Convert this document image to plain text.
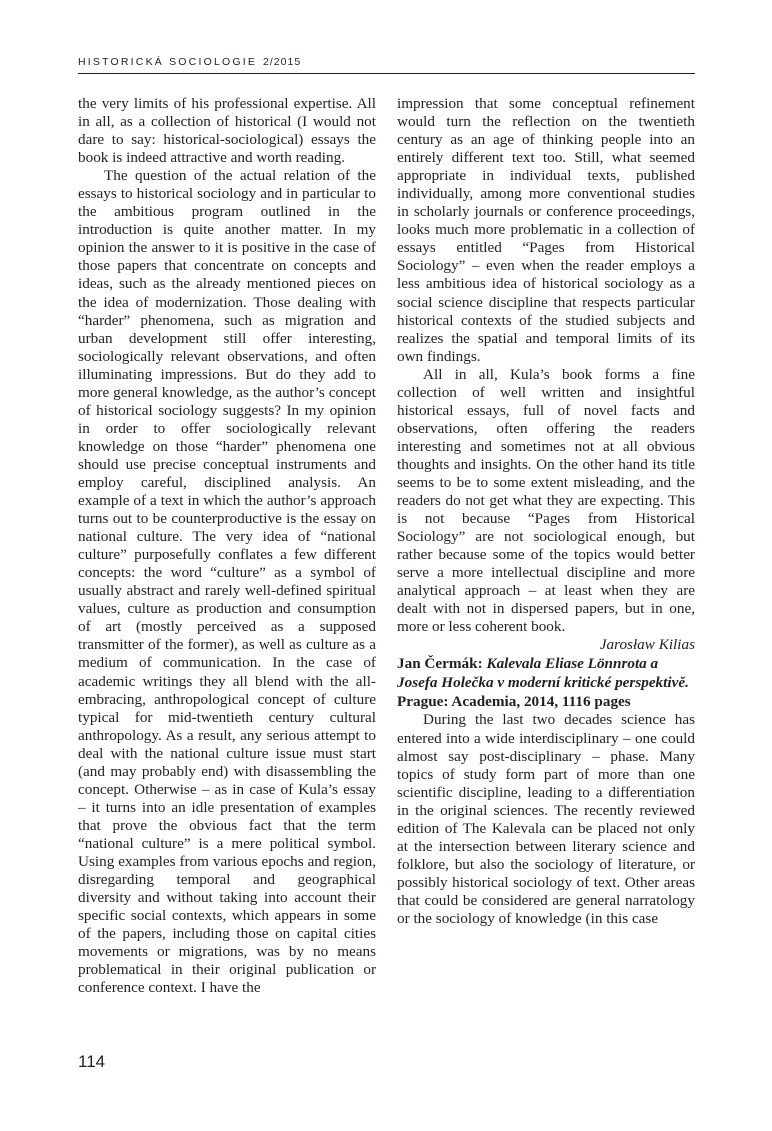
HISTORICKÁ SOCIOLOGIE 2/2015

the very limits of his professional expertise. All in all, as a collection of historical (I would not dare to say: historical-sociological) essays the book is indeed attractive and worth reading.

The question of the actual relation of the essays to historical sociology and in particular to the ambitious program outlined in the introduction is quite another matter. In my opinion the answer to it is positive in the case of those papers that concentrate on concepts and ideas, such as the already mentioned pieces on the idea of modernization. Those dealing with “harder” phenomena, such as migration and urban development still offer interesting, sociologically relevant observations, and often illuminating impressions. But do they add to more general knowledge, as the author’s concept of historical sociology suggests? In my opinion in order to offer sociologically relevant knowledge on those “harder” phenomena one should use precise conceptual instruments and employ careful, disciplined analysis. An example of a text in which the author’s approach turns out to be counterproductive is the essay on national culture. The very idea of “national culture” purposefully conflates a few different concepts: the word “culture” as a symbol of usually abstract and rarely well-defined spiritual values, culture as production and consumption of art (mostly perceived as a supposed transmitter of the former), as well as culture as a medium of communication. In the case of academic writings they all blend with the all-embracing, anthropological concept of culture typical for mid-twentieth century cultural anthropology. As a result, any serious attempt to deal with the national culture issue must start (and may probably end) with disassembling the concept. Otherwise – as in case of Kula’s essay – it turns into an idle presentation of examples that prove the obvious fact that the term “national culture” is a mere political symbol. Using examples from various epochs and region, disregarding temporal and geographical diversity and without taking into account their specific social contexts, which appears in some of the papers, including those on capital cities movements or migrations, was by no means problematical in their original publication or conference context. I have the

impression that some conceptual refinement would turn the reflection on the twentieth century as an age of thinking people into an entirely different text too. Still, what seemed appropriate in individual texts, published individually, among more conventional studies in scholarly journals or conference proceedings, looks much more problematic in a collection of essays entitled “Pages from Historical Sociology” – even when the reader employs a less ambitious idea of historical sociology as a social science discipline that respects particular historical contexts of the studied subjects and realizes the spatial and temporal limits of its own findings.

All in all, Kula’s book forms a fine collection of well written and insightful historical essays, full of novel facts and observations, often offering the readers interesting and sometimes not at all obvious thoughts and insights. On the other hand its title seems to be to some extent misleading, and the readers do not get what they are expecting. This is not because “Pages from Historical Sociology” are not sociological enough, but rather because some of the topics would better serve a more intellectual discipline and more analytical approach – at least when they are dealt with not in dispersed papers, but in one, more or less coherent book.

Jarosław Kilias

Jan Čermák: Kalevala Eliase Lönnrota a Josefa Holečka v moderní kritické perspektivě. Prague: Academia, 2014, 1116 pages

During the last two decades science has entered into a wide interdisciplinary – one could almost say post-disciplinary – phase. Many topics of study form part of more than one scientific discipline, leading to a differentiation in the original sciences. The recently reviewed edition of The Kalevala can be placed not only at the intersection between literary science and folklore, but also the sociology of literature, or possibly historical sociology of text. Other areas that could be considered are general narratology or the sociology of knowledge (in this case

114
